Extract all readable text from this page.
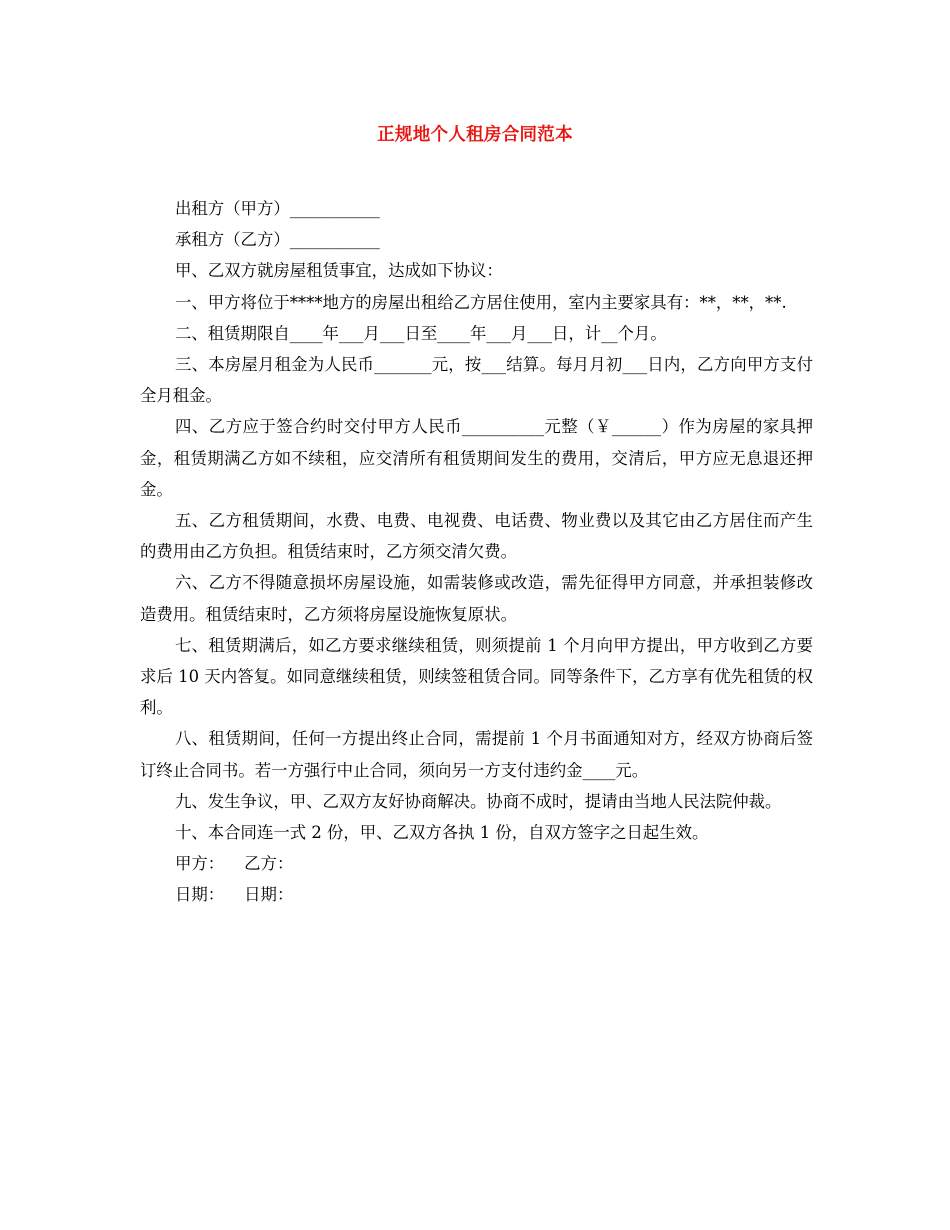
正规地个人租房合同范本

出租方（甲方）___________

承租方（乙方）___________

甲、乙双方就房屋租赁事宜，达成如下协议：

一、甲方将位于****地方的房屋出租给乙方居住使用，室内主要家具有：**，**，**.

二、租赁期限自____年___月___日至____年___月___日，计__个月。

三、本房屋月租金为人民币_______元，按___结算。每月月初___日内，乙方向甲方支付全月租金。

四、乙方应于签合约时交付甲方人民币__________元整（￥______）作为房屋的家具押金，租赁期满乙方如不续租，应交清所有租赁期间发生的费用，交清后，甲方应无息退还押金。

五、乙方租赁期间，水费、电费、电视费、电话费、物业费以及其它由乙方居住而产生的费用由乙方负担。租赁结束时，乙方须交清欠费。

六、乙方不得随意损坏房屋设施，如需装修或改造，需先征得甲方同意，并承担装修改造费用。租赁结束时，乙方须将房屋设施恢复原状。

七、租赁期满后，如乙方要求继续租赁，则须提前 1 个月向甲方提出，甲方收到乙方要求后 10 天内答复。如同意继续租赁，则续签租赁合同。同等条件下，乙方享有优先租赁的权利。

八、租赁期间，任何一方提出终止合同，需提前 1 个月书面通知对方，经双方协商后签订终止合同书。若一方强行中止合同，须向另一方支付违约金____元。

九、发生争议，甲、乙双方友好协商解决。协商不成时，提请由当地人民法院仲裁。

十、本合同连一式 2 份，甲、乙双方各执 1 份，自双方签字之日起生效。

甲方： 乙方：

日期： 日期：
